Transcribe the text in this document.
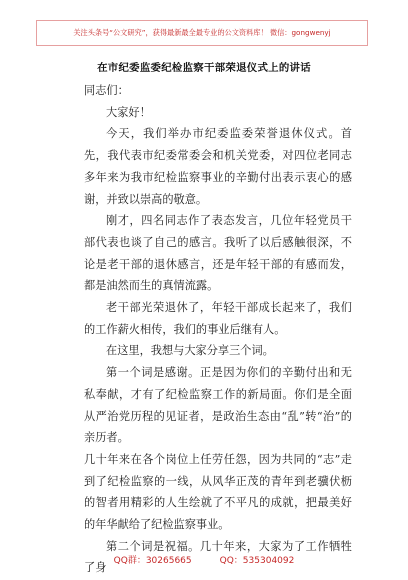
关注头条号“公文研究”，获得最新最全最专业的公文资料库！ 微信：gongwenyj
在市纪委监委纪检监察干部荣退仪式上的讲话

同志们：

大家好！

今天，我们举办市纪委监委荣誉退休仪式。首先，我代表市纪委常委会和机关党委，对四位老同志多年来为我市纪检监察事业的辛勤付出表示衷心的感谢，并致以崇高的敬意。

刚才，四名同志作了表态发言，几位年轻党员干部代表也谈了自己的感言。我听了以后感触很深，不论是老干部的退休感言，还是年轻干部的有感而发，都是油然而生的真情流露。

老干部光荣退休了，年轻干部成长起来了，我们的工作薪火相传，我们的事业后继有人。

在这里，我想与大家分享三个词。

第一个词是感谢。正是因为你们的辛勤付出和无私奉献，才有了纪检监察工作的新局面。你们是全面从严治党历程的见证者，是政治生态由“乱”转“治”的亲历者。

几十年来在各个岗位上任劳任怨，因为共同的“志”走到了纪检监察的一线，从风华正茂的青年到老骥伏枥的智者用精彩的人生绘就了不平凡的成就，把最美好的年华献给了纪检监察事业。

第二个词是祝福。几十年来，大家为了工作牺牲了身

QQ群：30265665	QQ：535304092
